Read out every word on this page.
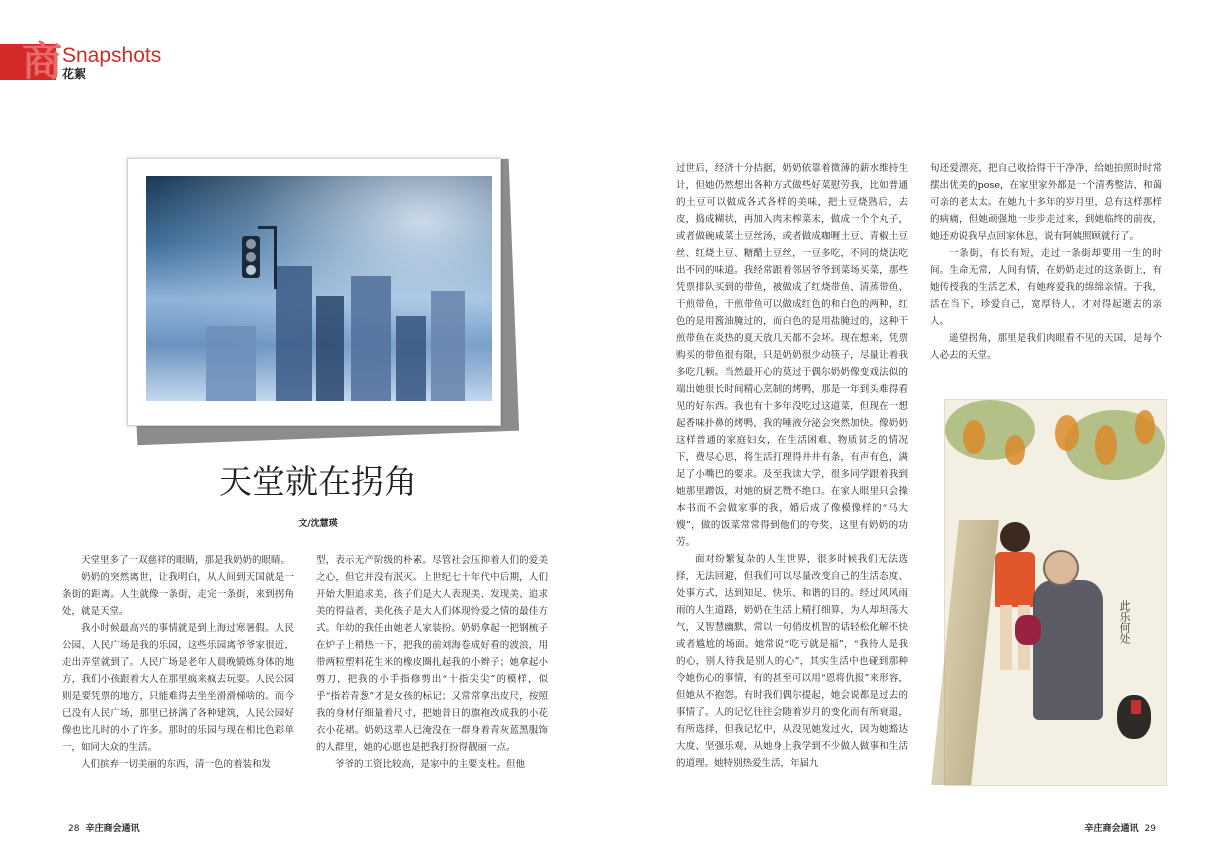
商 Snapshots
花絮
天堂就在拐角
文/沈慧瑛

天堂里多了一双慈祥的眼睛，那是我奶奶的眼睛。

奶奶的突然离世，让我明白，从人间到天国就是一条街的距离。人生就像一条街，走完一条街，来到拐角处，就是天堂。

我小时候最高兴的事情就是到上海过寒暑假。人民公园、人民广场是我的乐园，这些乐园离爷爷家很近，走出弄堂就到了。人民广场是老年人晨晚锻炼身体的地方，我们小孩跟着大人在那里疯来疯去玩耍。人民公园则是要凭票的地方，只能难得去坐坐滑滑梯啥的。而今已没有人民广场，那里已挤满了各种建筑，人民公园好像也比儿时的小了许多。那时的乐园与现在相比色彩单一，如同大众的生活。

人们摈弃一切美丽的东西，清一色的着装和发

型，表示无产阶级的朴素。尽管社会压抑着人们的爱美之心，但它并没有泯灭。上世纪七十年代中后期，人们开始大胆追求美，孩子们是大人表现美、发现美、追求美的得益者，美化孩子是大人们体现怜爱之情的最佳方式。年幼的我任由她老人家装扮。奶奶拿起一把钢梳子在炉子上稍热一下，把我的前刘海卷成好看的波浪，用带两粒塑料花生米的橡皮圈扎起我的小辫子；她拿起小剪刀，把我的小手指修剪出“十指尖尖”的模样，似乎“指若青葱”才是女孩的标记；又常常拿出皮尺，按照我的身材仔细量着尺寸，把她昔日的旗袍改成我的小花衣小花裙。奶奶这辈人已淹没在一群身着青灰蓝黑服饰的人群里，她的心愿也是把我打扮得靓丽一点。

爷爷的工资比较高，是家中的主要支柱。但他

过世后，经济十分拮据，奶奶依靠着微薄的薪水维持生计，但她仍然想出各种方式做些好菜慰劳我，比如普通的土豆可以做成各式各样的美味，把土豆烧熟后，去皮，捣成糊状，再加入肉末榨菜末，做成一个个丸子，或者做碗咸菜土豆丝汤，或者做成咖喱土豆、青椒土豆丝、红烧土豆、糖醋土豆丝，一豆多吃，不同的烧法吃出不同的味道。我经常跟着邻居爷爷到菜场买菜，那些凭票排队买到的带鱼，被做成了红烧带鱼、清蒸带鱼、干煎带鱼，干煎带鱼可以做成红色的和白色的两种，红色的是用酱油腌过的，而白色的是用盐腌过的，这种干煎带鱼在炎热的夏天放几天都不会坏。现在想来，凭票购买的带鱼很有限，只是奶奶很少动筷子，尽量让着我多吃几顿。当然最开心的莫过于偶尔奶奶像变戏法似的端出她很长时间精心烹制的烤鸭，那是一年到头难得看见的好东西。我也有十多年没吃过这道菜，但现在一想起香味扑鼻的烤鸭，我的唾液分泌会突然加快。像奶奶这样普通的家庭妇女，在生活困难、物质贫乏的情况下，费尽心思，将生活打理得井井有条，有声有色，满足了小嘴巴的要求。及至我读大学，很多同学跟着我到她那里蹭饭，对她的厨艺赞不绝口。在家人眼里只会操本书而不会做家事的我，婚后成了像模像样的“马大嫂”，做的饭菜常常得到他们的夸奖，这里有奶奶的功劳。

面对纷繁复杂的人生世界，很多时候我们无法选择，无法回避，但我们可以尽量改变自己的生活态度、处事方式，达到知足、快乐、和谐的目的。经过风风雨雨的人生道路，奶奶在生活上精打细算，为人却坦荡大气，又智慧幽默，常以一句俏皮机智的话轻松化解不快或者尴尬的场面。她常说“吃亏就是福”，“我待人是我的心，别人待我是别人的心”，其实生活中也碰到那种令她伤心的事情，有的甚至可以用“恩将仇报”来形容，但她从不抱怨。有时我们偶尔提起，她会说都是过去的事情了。人的记忆往往会随着岁月的变化而有所衰退，有所选择，但我记忆中，从没见她发过火，因为她豁达大度、坚强乐观，从她身上我学到不少做人做事和生活的道理。她特别热爱生活，年届九

旬还爱漂亮，把自己收拾得干干净净，给她拍照时时常摆出优美的pose，在家里家外都是一个清秀整洁、和蔼可亲的老太太。在她九十多年的岁月里，总有这样那样的病痛，但她顽强地一步步走过来，到她临终的前夜，她还劝说我早点回家休息，说有阿姨照顾就行了。

一条街，有长有短，走过一条街却要用一生的时间。生命无常，人间有情，在奶奶走过的这条街上，有她传授我的生活艺术，有她疼爱我的绵绵亲情。于我，活在当下，珍爱自己，宽厚待人，才对得起逝去的亲人。

遥望拐角，那里是我们肉眼看不见的天国，是每个人必去的天堂。

此乐何处
28 辛庄商会通讯	辛庄商会通讯 29
